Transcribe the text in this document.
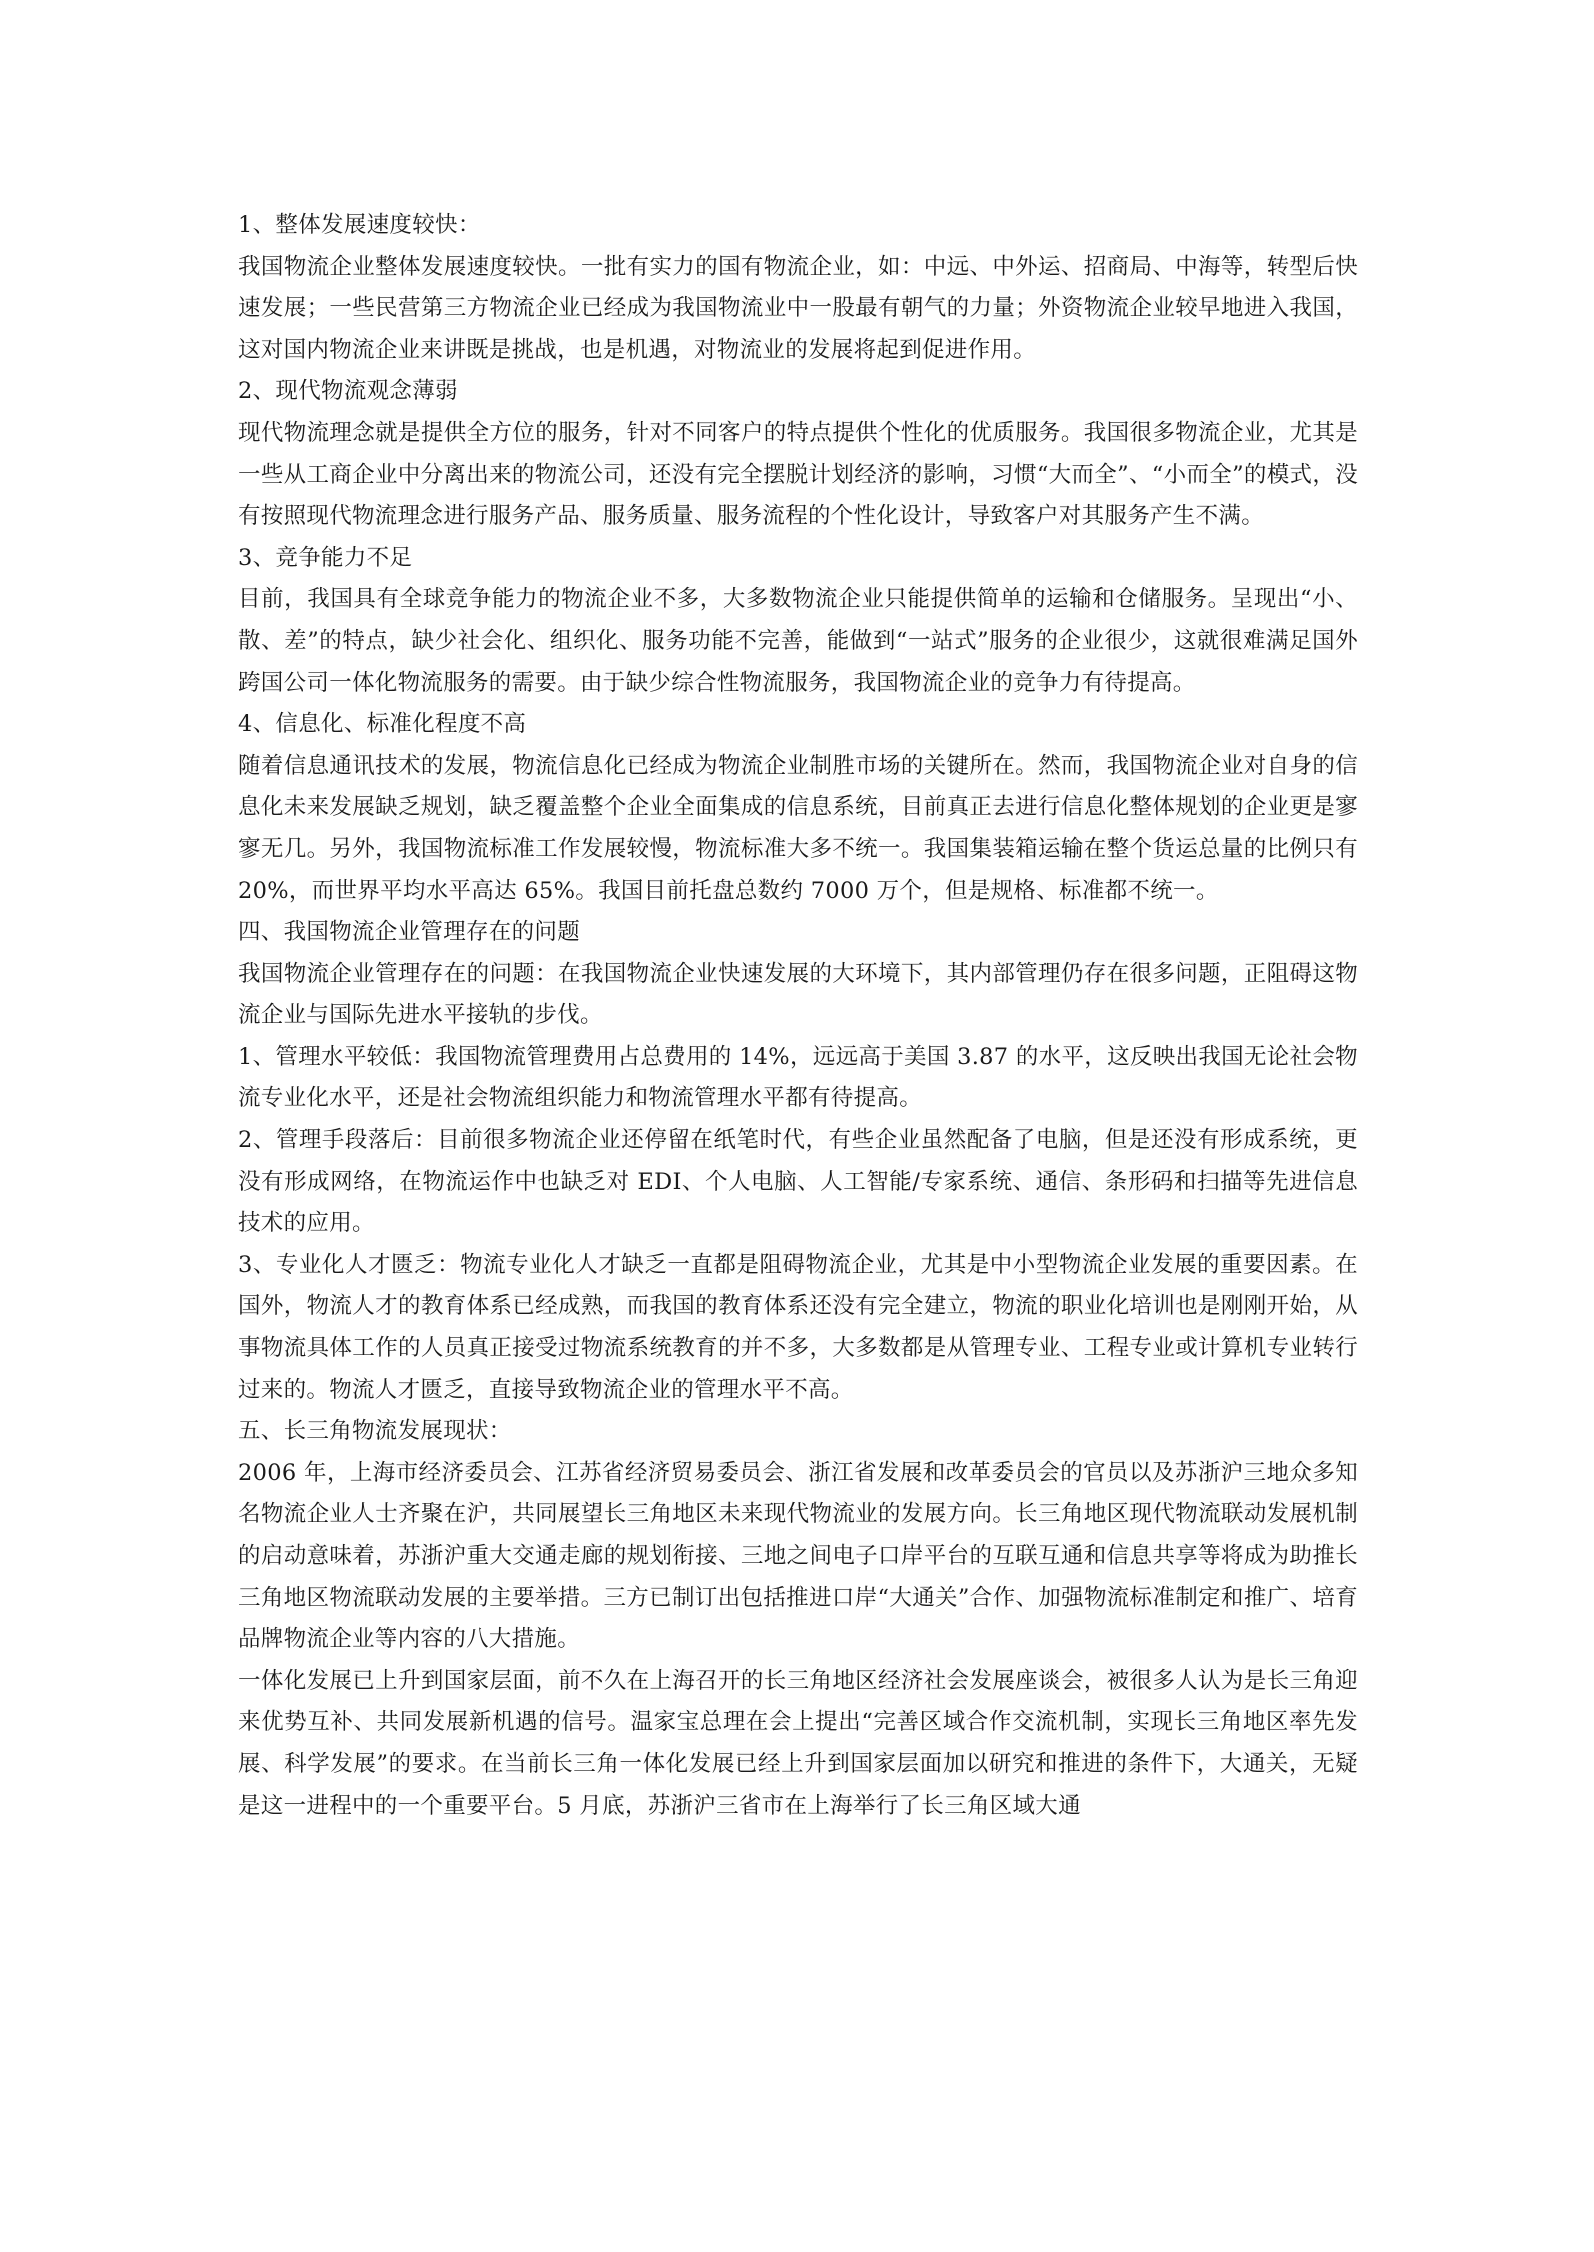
1、整体发展速度较快：

我国物流企业整体发展速度较快。一批有实力的国有物流企业，如：中远、中外运、招商局、中海等，转型后快速发展；一些民营第三方物流企业已经成为我国物流业中一股最有朝气的力量；外资物流企业较早地进入我国，这对国内物流企业来讲既是挑战，也是机遇，对物流业的发展将起到促进作用。

2、现代物流观念薄弱

现代物流理念就是提供全方位的服务，针对不同客户的特点提供个性化的优质服务。我国很多物流企业，尤其是一些从工商企业中分离出来的物流公司，还没有完全摆脱计划经济的影响，习惯“大而全”、“小而全”的模式，没有按照现代物流理念进行服务产品、服务质量、服务流程的个性化设计，导致客户对其服务产生不满。

3、竞争能力不足

目前，我国具有全球竞争能力的物流企业不多，大多数物流企业只能提供简单的运输和仓储服务。呈现出“小、散、差”的特点，缺少社会化、组织化、服务功能不完善，能做到“一站式”服务的企业很少，这就很难满足国外跨国公司一体化物流服务的需要。由于缺少综合性物流服务，我国物流企业的竞争力有待提高。

4、信息化、标准化程度不高

随着信息通讯技术的发展，物流信息化已经成为物流企业制胜市场的关键所在。然而，我国物流企业对自身的信息化未来发展缺乏规划，缺乏覆盖整个企业全面集成的信息系统，目前真正去进行信息化整体规划的企业更是寥寥无几。另外，我国物流标准工作发展较慢，物流标准大多不统一。我国集装箱运输在整个货运总量的比例只有 20%，而世界平均水平高达 65%。我国目前托盘总数约 7000 万个，但是规格、标准都不统一。

四、我国物流企业管理存在的问题

我国物流企业管理存在的问题：在我国物流企业快速发展的大环境下，其内部管理仍存在很多问题，正阻碍这物流企业与国际先进水平接轨的步伐。

1、管理水平较低：我国物流管理费用占总费用的 14%，远远高于美国 3.87 的水平，这反映出我国无论社会物流专业化水平，还是社会物流组织能力和物流管理水平都有待提高。

2、管理手段落后：目前很多物流企业还停留在纸笔时代，有些企业虽然配备了电脑，但是还没有形成系统，更没有形成网络，在物流运作中也缺乏对 EDI、个人电脑、人工智能/专家系统、通信、条形码和扫描等先进信息技术的应用。

3、专业化人才匮乏：物流专业化人才缺乏一直都是阻碍物流企业，尤其是中小型物流企业发展的重要因素。在国外，物流人才的教育体系已经成熟，而我国的教育体系还没有完全建立，物流的职业化培训也是刚刚开始，从事物流具体工作的人员真正接受过物流系统教育的并不多，大多数都是从管理专业、工程专业或计算机专业转行过来的。物流人才匮乏，直接导致物流企业的管理水平不高。

五、长三角物流发展现状：

2006 年，上海市经济委员会、江苏省经济贸易委员会、浙江省发展和改革委员会的官员以及苏浙沪三地众多知名物流企业人士齐聚在沪，共同展望长三角地区未来现代物流业的发展方向。长三角地区现代物流联动发展机制的启动意味着，苏浙沪重大交通走廊的规划衔接、三地之间电子口岸平台的互联互通和信息共享等将成为助推长三角地区物流联动发展的主要举措。三方已制订出包括推进口岸“大通关”合作、加强物流标准制定和推广、培育品牌物流企业等内容的八大措施。

一体化发展已上升到国家层面，前不久在上海召开的长三角地区经济社会发展座谈会，被很多人认为是长三角迎来优势互补、共同发展新机遇的信号。温家宝总理在会上提出“完善区域合作交流机制，实现长三角地区率先发展、科学发展”的要求。在当前长三角一体化发展已经上升到国家层面加以研究和推进的条件下，大通关，无疑是这一进程中的一个重要平台。5 月底，苏浙沪三省市在上海举行了长三角区域大通
